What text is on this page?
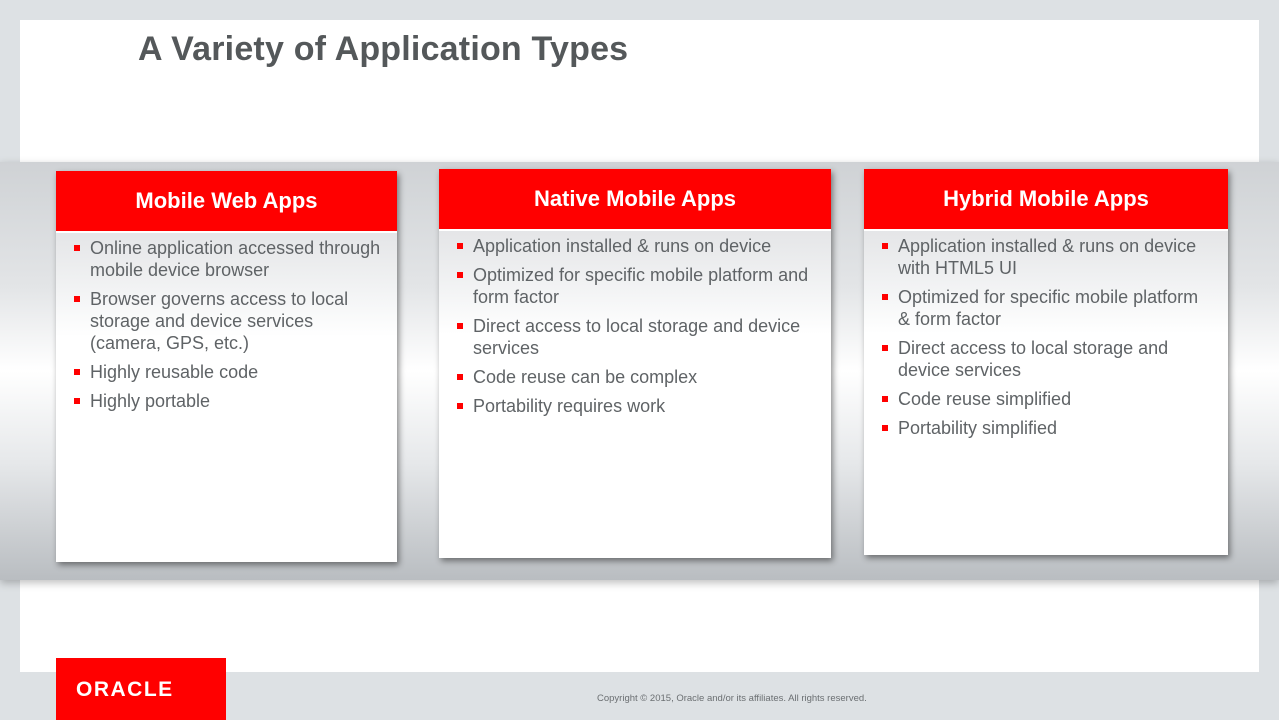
A Variety of Application Types
Mobile Web Apps
Online application accessed through mobile device browser
Browser governs access to local storage and device services (camera, GPS, etc.)
Highly reusable code
Highly portable
Native Mobile Apps
Application installed & runs on device
Optimized for specific mobile platform and form factor
Direct access to local storage and device services
Code reuse can be complex
Portability requires work
Hybrid Mobile Apps
Application installed & runs on device with HTML5 UI
Optimized for specific mobile platform & form factor
Direct access to local storage and device services
Code reuse simplified
Portability simplified
ORACLE	Copyright © 2015, Oracle and/or its affiliates. All rights reserved.
